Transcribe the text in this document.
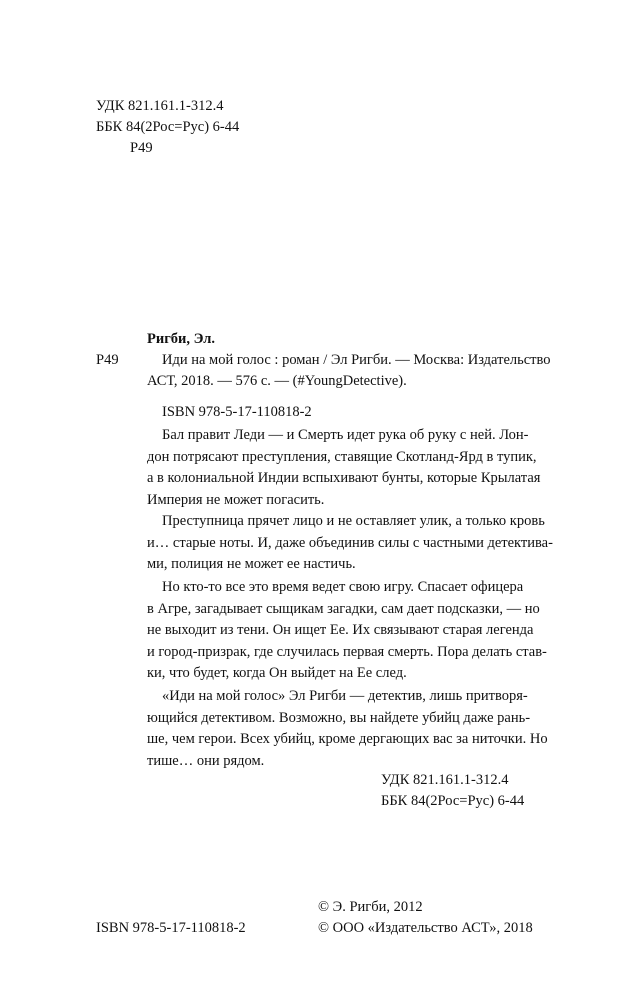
УДК 821.161.1-312.4
ББК 84(2Рос=Рус) 6-44
Р49
Ригби, Эл.
Р49	Иди на мой голос : роман / Эл Ригби. — Москва: Издательство
АСТ, 2018. — 576 с. — (#YoungDetective).
ISBN 978-5-17-110818-2
Бал правит Леди — и Смерть идет рука об руку с ней. Лон-
дон потрясают преступления, ставящие Скотланд-Ярд в тупик,
а в колониальной Индии вспыхивают бунты, которые Крылатая
Империя не может погасить.
Преступница прячет лицо и не оставляет улик, а только кровь
и… старые ноты. И, даже объединив силы с частными детектива-
ми, полиция не может ее настичь.
Но кто-то все это время ведет свою игру. Спасает офицера
в Агре, загадывает сыщикам загадки, сам дает подсказки, — но
не выходит из тени. Он ищет Ее. Их связывают старая легенда
и город-призрак, где случилась первая смерть. Пора делать став-
ки, что будет, когда Он выйдет на Ее след.
«Иди на мой голос» Эл Ригби — детектив, лишь притворя-
ющийся детективом. Возможно, вы найдете убийц даже рань-
ше, чем герои. Всех убийц, кроме дергающих вас за ниточки. Но
тише… они рядом.
УДК 821.161.1-312.4
ББК 84(2Рос=Рус) 6-44
© Э. Ригби, 2012
ISBN 978-5-17-110818-2	© ООО «Издательство АСТ», 2018
